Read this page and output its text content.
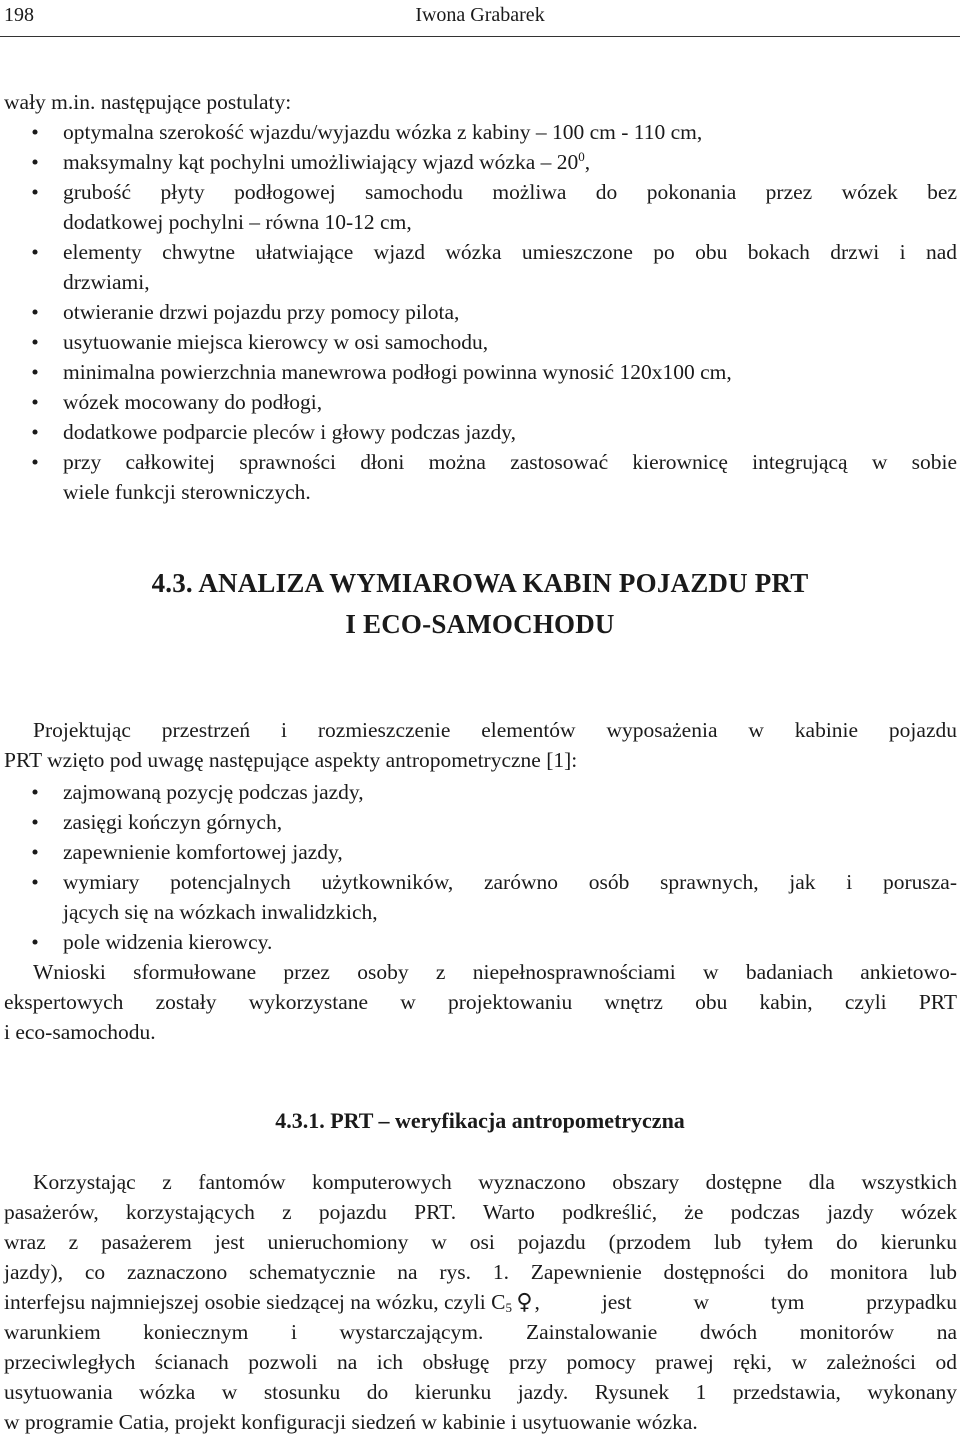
198	Iwona Grabarek
wały m.in. następujące postulaty:
• optymalna szerokość wjazdu/wyjazdu wózka z kabiny – 100 cm - 110 cm,
• maksymalny kąt pochylni umożliwiający wjazd wózka – $20^0$,
• grubość płyty podłogowej samochodu możliwa do pokonania przez wózek bez
dodatkowej pochylni – równa 10-12 cm,
• elementy chwytne ułatwiające wjazd wózka umieszczone po obu bokach drzwi i nad
drzwiami,
• otwieranie drzwi pojazdu przy pomocy pilota,
• usytuowanie miejsca kierowcy w osi samochodu,
• minimalna powierzchnia manewrowa podłogi powinna wynosić 120x100 cm,
• wózek mocowany do podłogi,
• dodatkowe podparcie pleców i głowy podczas jazdy,
• przy całkowitej sprawności dłoni można zastosować kierownicę integrującą w sobie
wiele funkcji sterowniczych.
4.3. ANALIZA WYMIAROWA KABIN POJAZDU PRT
I ECO-SAMOCHODU
Projektując przestrzeń i rozmieszczenie elementów wyposażenia w kabinie pojazdu
PRT wzięto pod uwagę następujące aspekty antropometryczne [1]:
• zajmowaną pozycję podczas jazdy,
• zasięgi kończyn górnych,
• zapewnienie komfortowej jazdy,
• wymiary potencjalnych użytkowników, zarówno osób sprawnych, jak i porusza-
jących się na wózkach inwalidzkich,
• pole widzenia kierowcy.
Wnioski sformułowane przez osoby z niepełnosprawnościami w badaniach ankietowo-
ekspertowych zostały wykorzystane w projektowaniu wnętrz obu kabin, czyli PRT
i eco-samochodu.
4.3.1. PRT – weryfikacja antropometryczna
Korzystając z fantomów komputerowych wyznaczono obszary dostępne dla wszystkich
pasażerów, korzystających z pojazdu PRT. Warto podkreślić, że podczas jazdy wózek
wraz z pasażerem jest unieruchomiony w osi pojazdu (przodem lub tyłem do kierunku
jazdy), co zaznaczono schematycznie na rys. 1. Zapewnienie dostępności do monitora lub
interfejsu najmniejszej osobie siedzącej na wózku, czyli $C_5$  ♀ , jest w tym przypadku
warunkiem koniecznym i wystarczającym. Zainstalowanie dwóch monitorów na
przeciwległych ścianach pozwoli na ich obsługę przy pomocy prawej ręki, w zależności od
usytuowania wózka w stosunku do kierunku jazdy. Rysunek 1 przedstawia, wykonany
w programie Catia, projekt konfiguracji siedzeń w kabinie i usytuowanie wózka.
